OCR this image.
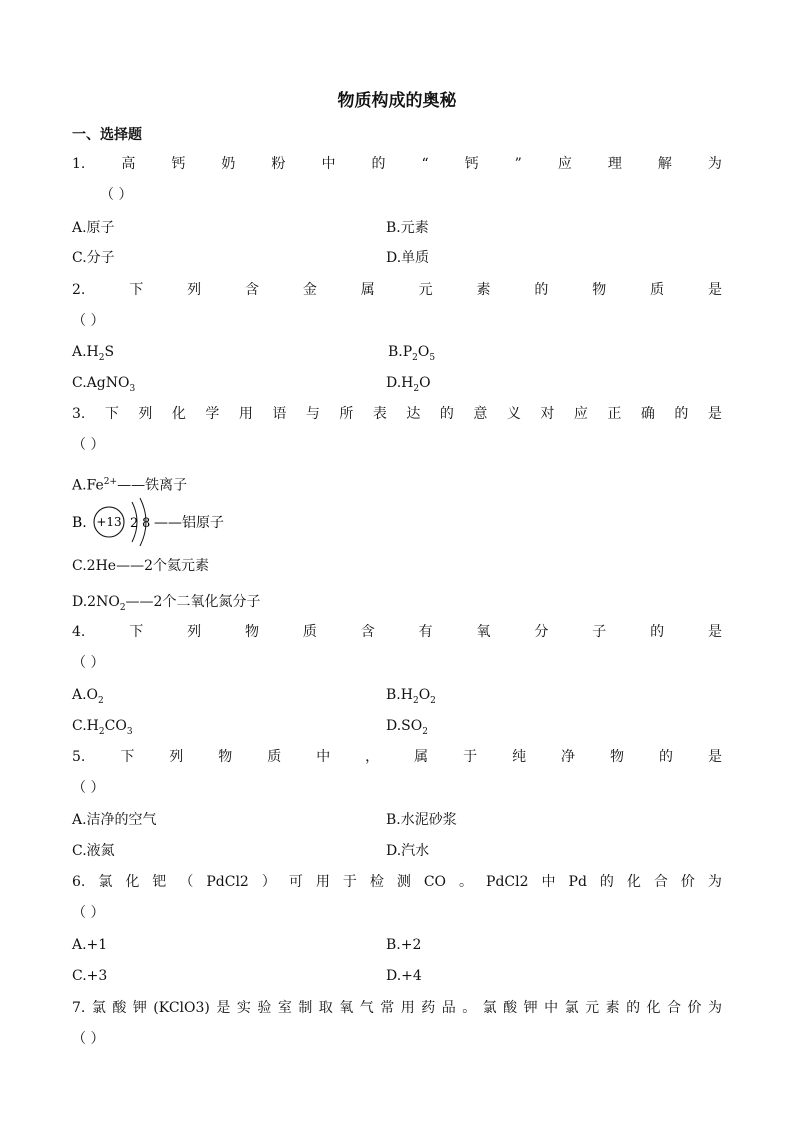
物质构成的奥秘
一、选择题
1.	高	钙	奶	粉	中	的	“	钙	”	应	理	解	为
（ ）
A.原子	B.元素
C.分子	D.单质
2.	下	列	含	金	属	元	素	的	物	质	是
（ ）
$A.H_2S$	$B.P_2O_5$
C.AgNO$_3$	$D.H_2O$
3. 下 列 化 学 用 语 与 所 表 达 的 意 义 对 应 正 确 的 是
（ ）
$A.Fe^{2+}——$铁离子
B. +13 2 8 ——铝原子
C.2He——2个氦元素
$D.2NO_2——2$个二氧化氮分子
4.	下	列	物	质	含	有	氧	分	子	的	是
（ ）
$A.O_2$	$B.H_2O_2$
$C.H_2CO_3$	$D.SO_2$
5. 下 列 物 质 中 ， 属 于 纯 净 物 的 是
（ ）
A.洁净的空气	B.水泥砂浆
C.液氮	D.汽水
6. 氯 化 钯 （ PdCl2 ） 可 用 于 检 测 CO 。 PdCl2 中 Pd 的 化 合 价 为
（ ）
A.+1	B.+2
C.+3	D.+4
7. 氯 酸 钾 (KClO3) 是 实 验 室 制 取 氧 气 常 用 药 品 。 氯 酸 钾 中 氯 元 素 的 化 合 价 为
（ ）
